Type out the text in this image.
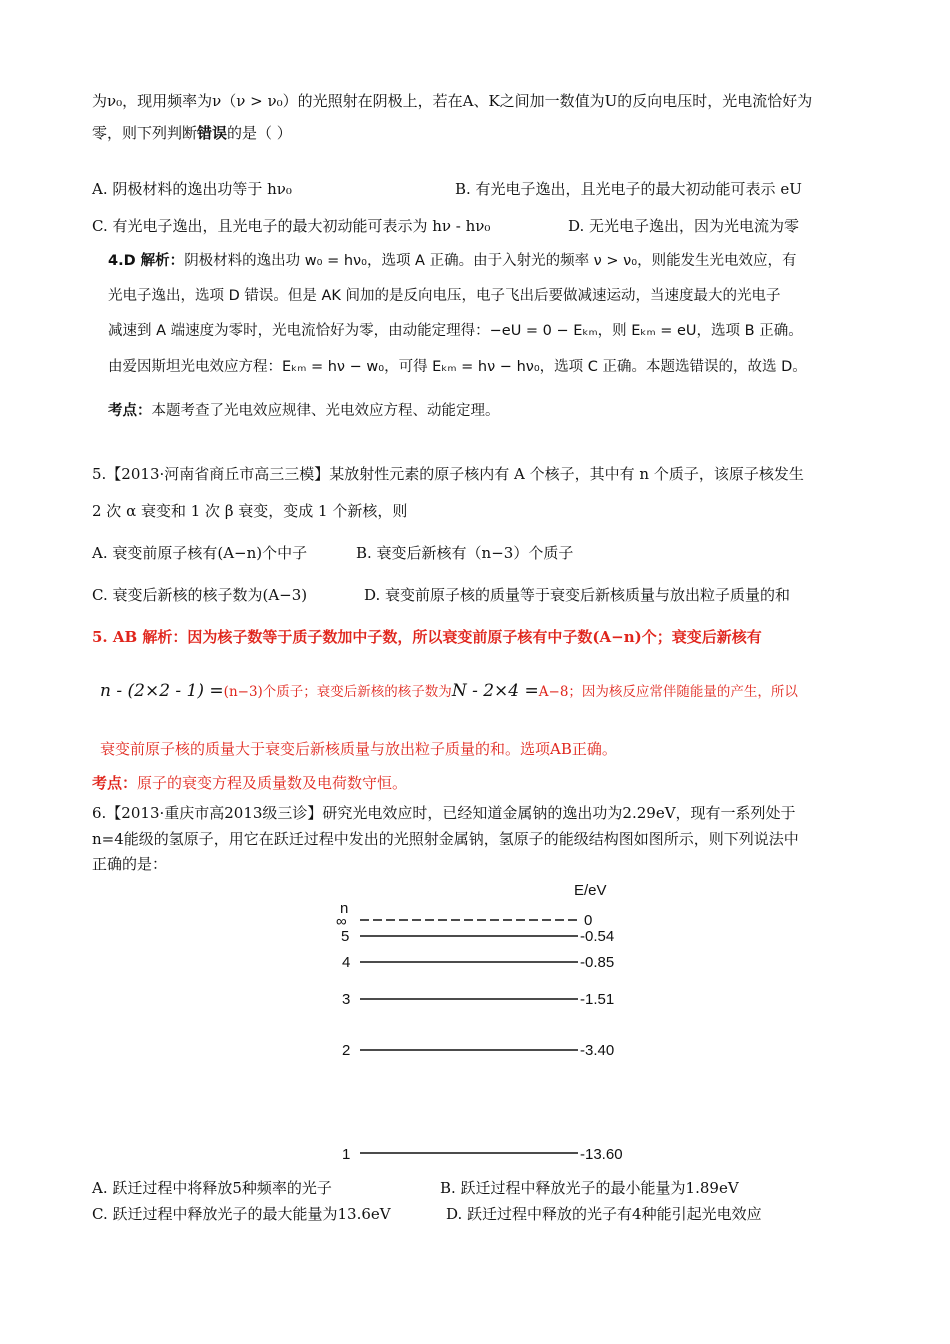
为ν₀，现用频率为ν（ν > ν₀）的光照射在阴极上，若在A、K之间加一数值为U的反向电压时，光电流恰好为
零，则下列判断错误的是（ ）
A. 阴极材料的逸出功等于 hν₀	B. 有光电子逸出，且光电子的最大初动能可表示 eU
C. 有光电子逸出，且光电子的最大初动能可表示为 hν - hν₀	D. 无光电子逸出，因为光电流为零
4.D 解析：阴极材料的逸出功 w₀ = hν₀，选项 A 正确。由于入射光的频率 ν > ν₀，则能发生光电效应，有
光电子逸出，选项 D 错误。但是 AK 间加的是反向电压，电子飞出后要做减速运动，当速度最大的光电子
减速到 A 端速度为零时，光电流恰好为零，由动能定理得：−eU = 0 − Eₖₘ，则 Eₖₘ = eU，选项 B 正确。
由爱因斯坦光电效应方程：Eₖₘ = hν − w₀，可得 Eₖₘ = hν − hν₀，选项 C 正确。本题选错误的，故选 D。
考点：本题考查了光电效应规律、光电效应方程、动能定理。
5.【2013·河南省商丘市高三三模】某放射性元素的原子核内有 A 个核子，其中有 n 个质子，该原子核发生
2 次 α 衰变和 1 次 β 衰变，变成 1 个新核，则
A. 衰变前原子核有(A−n)个中子	B. 衰变后新核有（n−3）个质子
C. 衰变后新核的核子数为(A−3)	D. 衰变前原子核的质量等于衰变后新核质量与放出粒子质量的和
5. AB 解析：因为核子数等于质子数加中子数，所以衰变前原子核有中子数(A−n)个；衰变后新核有
n - (2×2 - 1) =(n−3)个质子；衰变后新核的核子数为N - 2×4 =A−8；因为核反应常伴随能量的产生，所以
衰变前原子核的质量大于衰变后新核质量与放出粒子质量的和。选项AB正确。
考点：原子的衰变方程及质量数及电荷数守恒。
6.【2013·重庆市高2013级三诊】研究光电效应时，已经知道金属钠的逸出功为2.29eV，现有一系列处于
n=4能级的氢原子，用它在跃迁过程中发出的光照射金属钠，氢原子的能级结构图如图所示，则下列说法中
正确的是：
n
E/eV
∞	0
5	-0.54
4	-0.85
3	-1.51
2	-3.40
1	-13.60
A. 跃迁过程中将释放5种频率的光子	B. 跃迁过程中释放光子的最小能量为1.89eV
C. 跃迁过程中释放光子的最大能量为13.6eV	D. 跃迁过程中释放的光子有4种能引起光电效应
